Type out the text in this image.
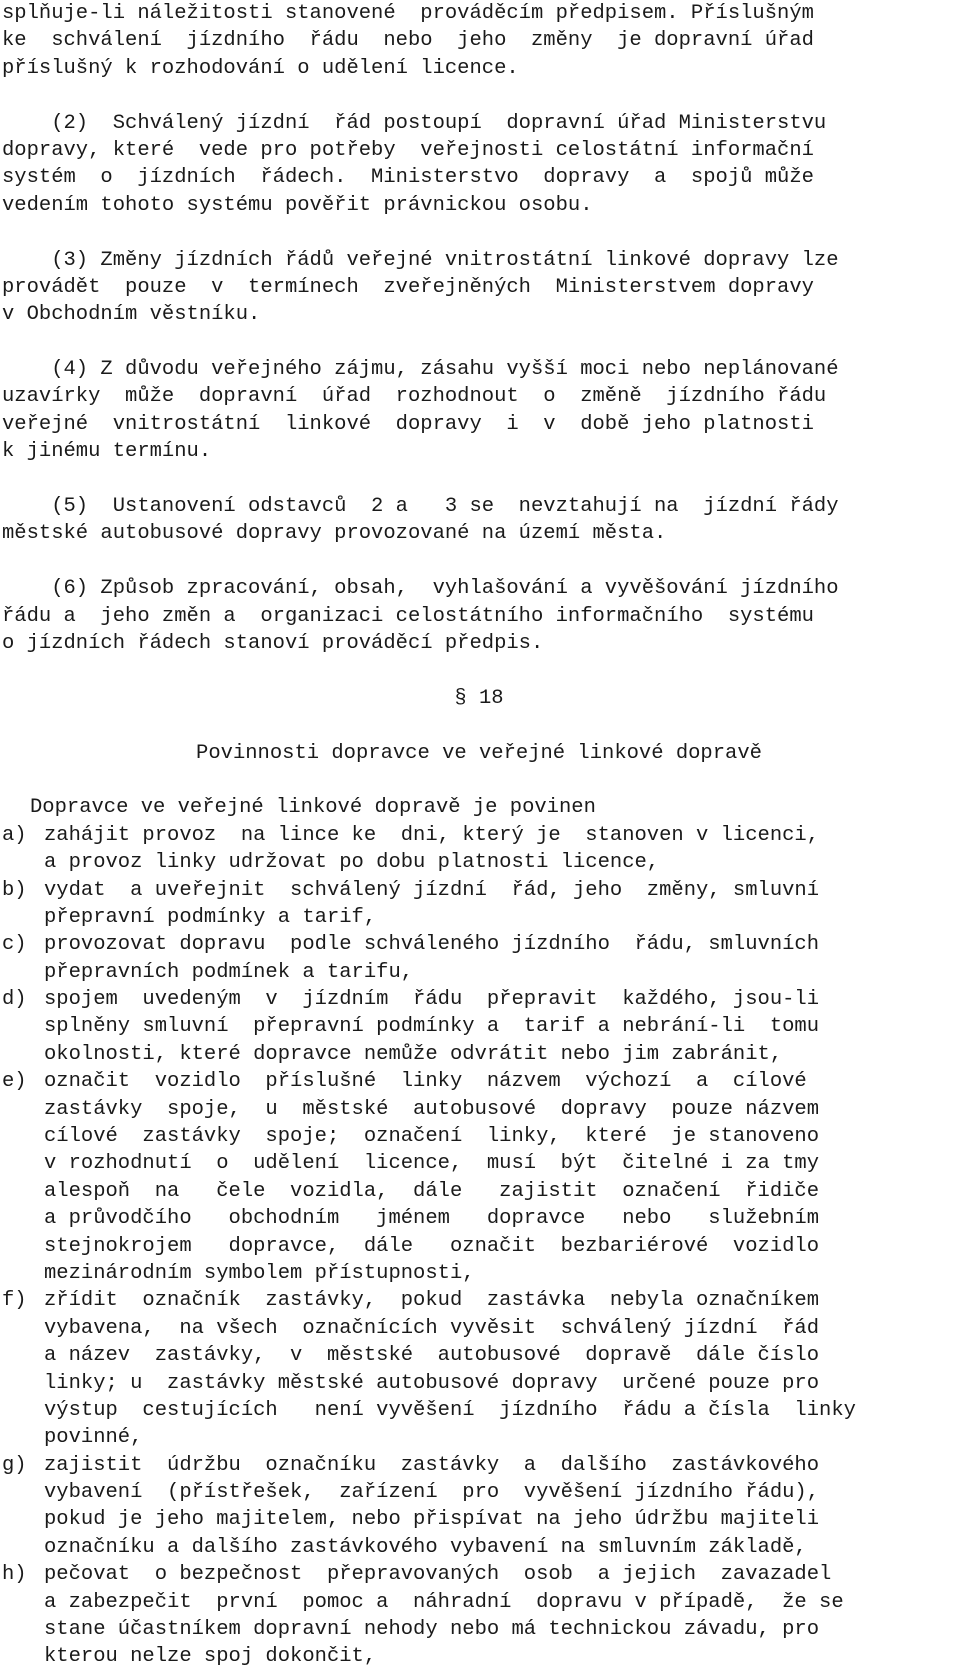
splňuje-li náležitosti stanovené  prováděcím předpisem. Příslušným
ke  schválení  jízdního  řádu  nebo  jeho  změny  je dopravní úřad
příslušný k rozhodování o udělení licence.
(2)  Schválený jízdní  řád postoupí  dopravní úřad Ministerstvu
dopravy, které  vede pro potřeby  veřejnosti celostátní informační
systém  o  jízdních  řádech.  Ministerstvo  dopravy  a  spojů může
vedením tohoto systému pověřit právnickou osobu.
(3) Změny jízdních řádů veřejné vnitrostátní linkové dopravy lze
provádět  pouze  v  termínech  zveřejněných  Ministerstvem dopravy
v Obchodním věstníku.
(4) Z důvodu veřejného zájmu, zásahu vyšší moci nebo neplánované
uzavírky  může  dopravní  úřad  rozhodnout  o  změně  jízdního řádu
veřejné  vnitrostátní  linkové  dopravy  i  v  době jeho platnosti
k jinému termínu.
(5)  Ustanovení odstavců  2 a   3 se  nevztahují na  jízdní řády
městské autobusové dopravy provozované na území města.
(6) Způsob zpracování, obsah,  vyhlašování a vyvěšování jízdního
řádu a  jeho změn a  organizaci celostátního informačního  systému
o jízdních řádech stanoví prováděcí předpis.
§ 18
Povinnosti dopravce ve veřejné linkové dopravě
Dopravce ve veřejné linkové dopravě je povinen
a) zahájit provoz  na lince ke  dni, který je  stanoven v licenci,
a provoz linky udržovat po dobu platnosti licence,
b) vydat  a uveřejnit  schválený jízdní  řád, jeho  změny, smluvní
přepravní podmínky a tarif,
c) provozovat dopravu  podle schváleného jízdního  řádu, smluvních
přepravních podmínek a tarifu,
d) spojem  uvedeným  v  jízdním  řádu  přepravit  každého, jsou-li
splněny smluvní  přepravní podmínky a  tarif a nebrání-li  tomu
okolnosti, které dopravce nemůže odvrátit nebo jim zabránit,
e) označit  vozidlo  příslušné  linky  názvem  výchozí  a  cílové
zastávky  spoje,  u  městské  autobusové  dopravy  pouze názvem
cílové  zastávky  spoje;  označení  linky,  které  je stanoveno
v rozhodnutí  o  udělení  licence,  musí  být  čitelné i za tmy
alespoň  na   čele  vozidla,  dále   zajistit  označení  řidiče
a průvodčího   obchodním   jménem   dopravce   nebo   služebním
stejnokrojem   dopravce,  dále   označit  bezbariérové  vozidlo
mezinárodním symbolem přístupnosti,
f) zřídit  označník  zastávky,  pokud  zastávka  nebyla označníkem
vybavena,  na všech  označnících vyvěsit  schválený jízdní  řád
a název  zastávky,  v  městské  autobusové  dopravě  dále číslo
linky; u  zastávky městské autobusové dopravy  určené pouze pro
výstup  cestujících   není vyvěšení  jízdního  řádu a čísla  linky
povinné,
g) zajistit  údržbu  označníku  zastávky  a  dalšího  zastávkového
vybavení  (přístřešek,  zařízení  pro  vyvěšení jízdního řádu),
pokud je jeho majitelem, nebo přispívat na jeho údržbu majiteli
označníku a dalšího zastávkového vybavení na smluvním základě,
h) pečovat  o bezpečnost  přepravovaných  osob  a jejich  zavazadel
a zabezpečit  první  pomoc a  náhradní  dopravu v případě,  že se
stane účastníkem dopravní nehody nebo má technickou závadu, pro
kterou nelze spoj dokončit,
